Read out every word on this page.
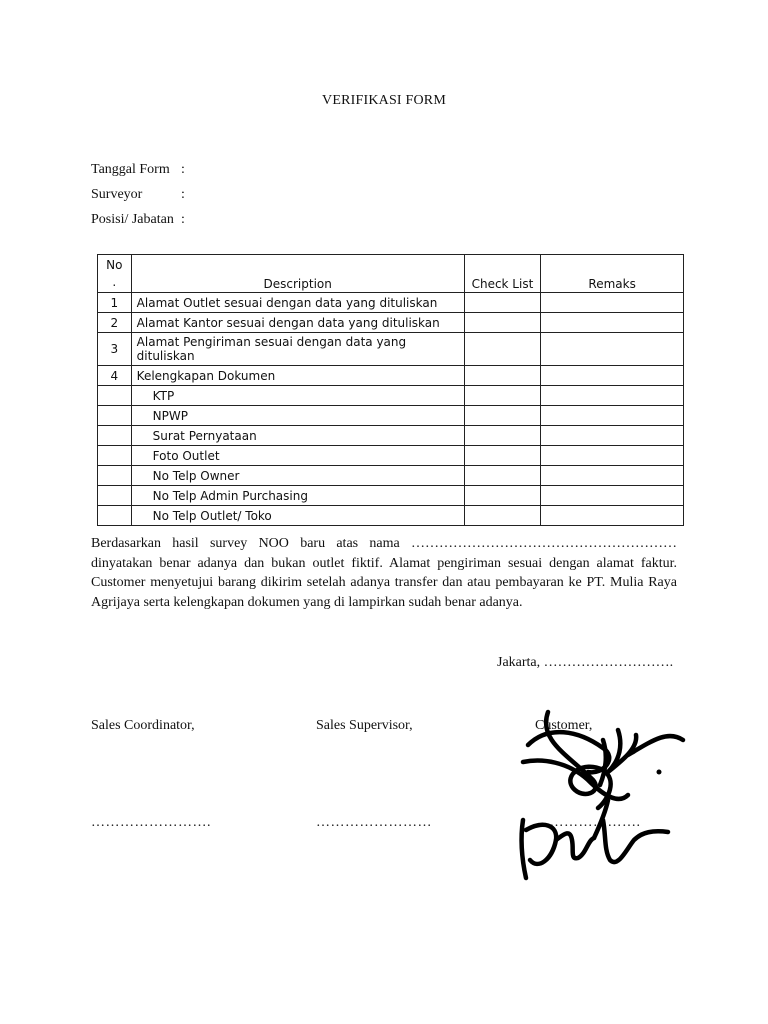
VERIFIKASI FORM
Tanggal Form :
Surveyor	:
Posisi/ Jabatan :
No
.	Description	Check List	Remaks
1	Alamat Outlet sesuai dengan data yang dituliskan		
2	Alamat Kantor sesuai dengan data yang dituliskan		
3	Alamat Pengiriman sesuai dengan data yang dituliskan		
4	Kelengkapan Dokumen		
	KTP		
	NPWP		
	Surat Pernyataan		
	Foto Outlet		
	No Telp Owner		
	No Telp Admin Purchasing		
	No Telp Outlet/ Toko		

Berdasarkan hasil survey NOO baru atas nama …………………………………………………dinyatakan benar adanya dan bukan outlet fiktif. Alamat pengiriman sesuai dengan alamat faktur. Customer menyetujui barang dikirim setelah adanya transfer dan atau pembayaran ke PT. Mulia Raya Agrijaya serta kelengkapan dokumen yang di lampirkan sudah benar adanya.

Jakarta, ……………………….
Sales Coordinator,	Sales Supervisor,	Customer,
…………………….	……………………	………………….
